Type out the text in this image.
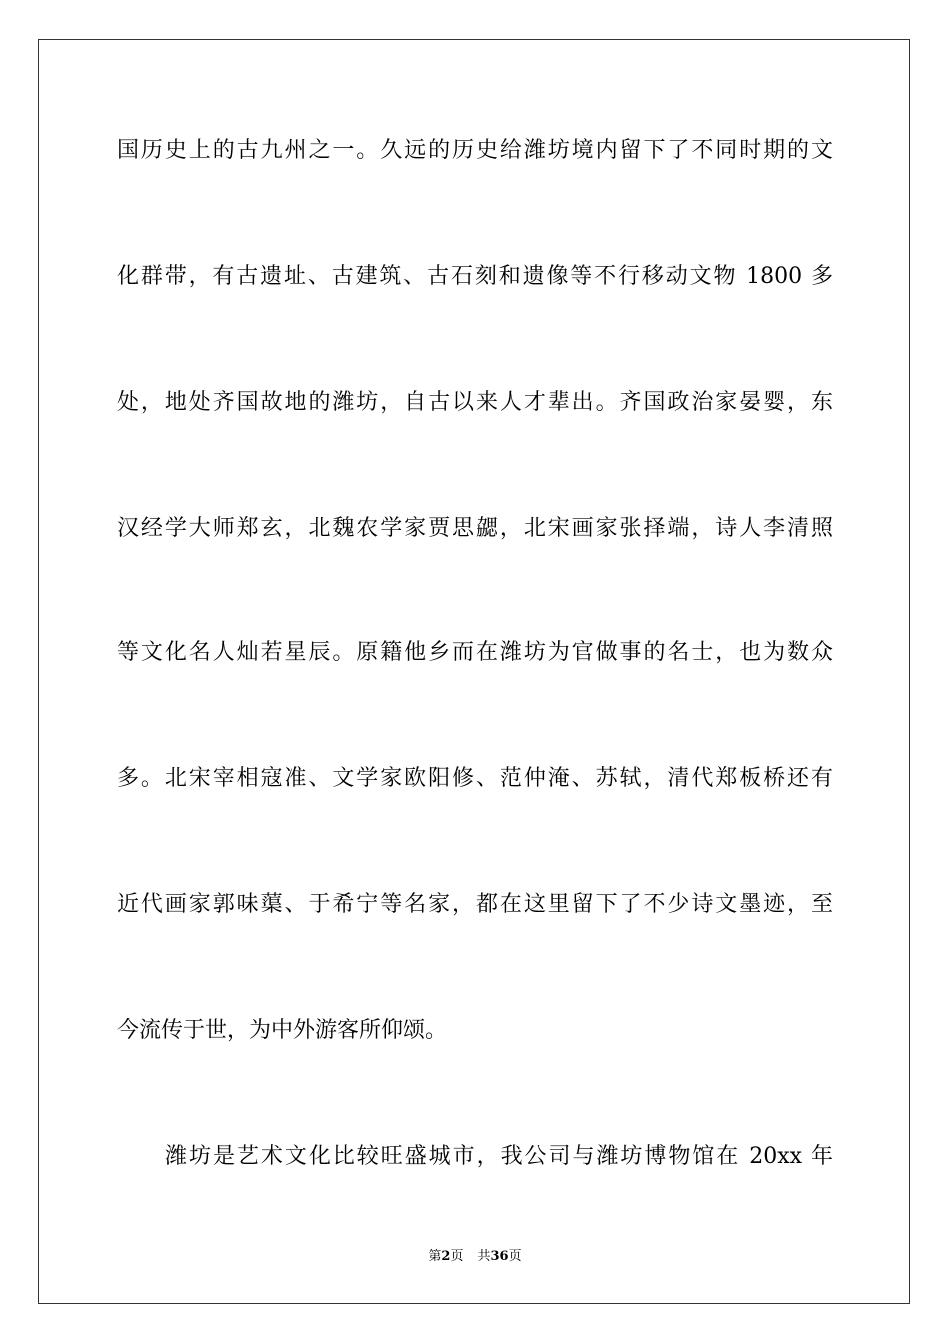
国历史上的古九州之一。久远的历史给潍坊境内留下了不同时期的文
化群带，有古遗址、古建筑、古石刻和遗像等不行移动文物 1800 多
处，地处齐国故地的潍坊，自古以来人才辈出。齐国政治家晏婴，东
汉经学大师郑玄，北魏农学家贾思勰，北宋画家张择端，诗人李清照
等文化名人灿若星辰。原籍他乡而在潍坊为官做事的名士，也为数众
多。北宋宰相寇准、文学家欧阳修、范仲淹、苏轼，清代郑板桥还有
近代画家郭味蕖、于希宁等名家，都在这里留下了不少诗文墨迹，至
今流传于世，为中外游客所仰颂。
潍坊是艺术文化比较旺盛城市，我公司与潍坊博物馆在 20xx 年
第2页 共36页
